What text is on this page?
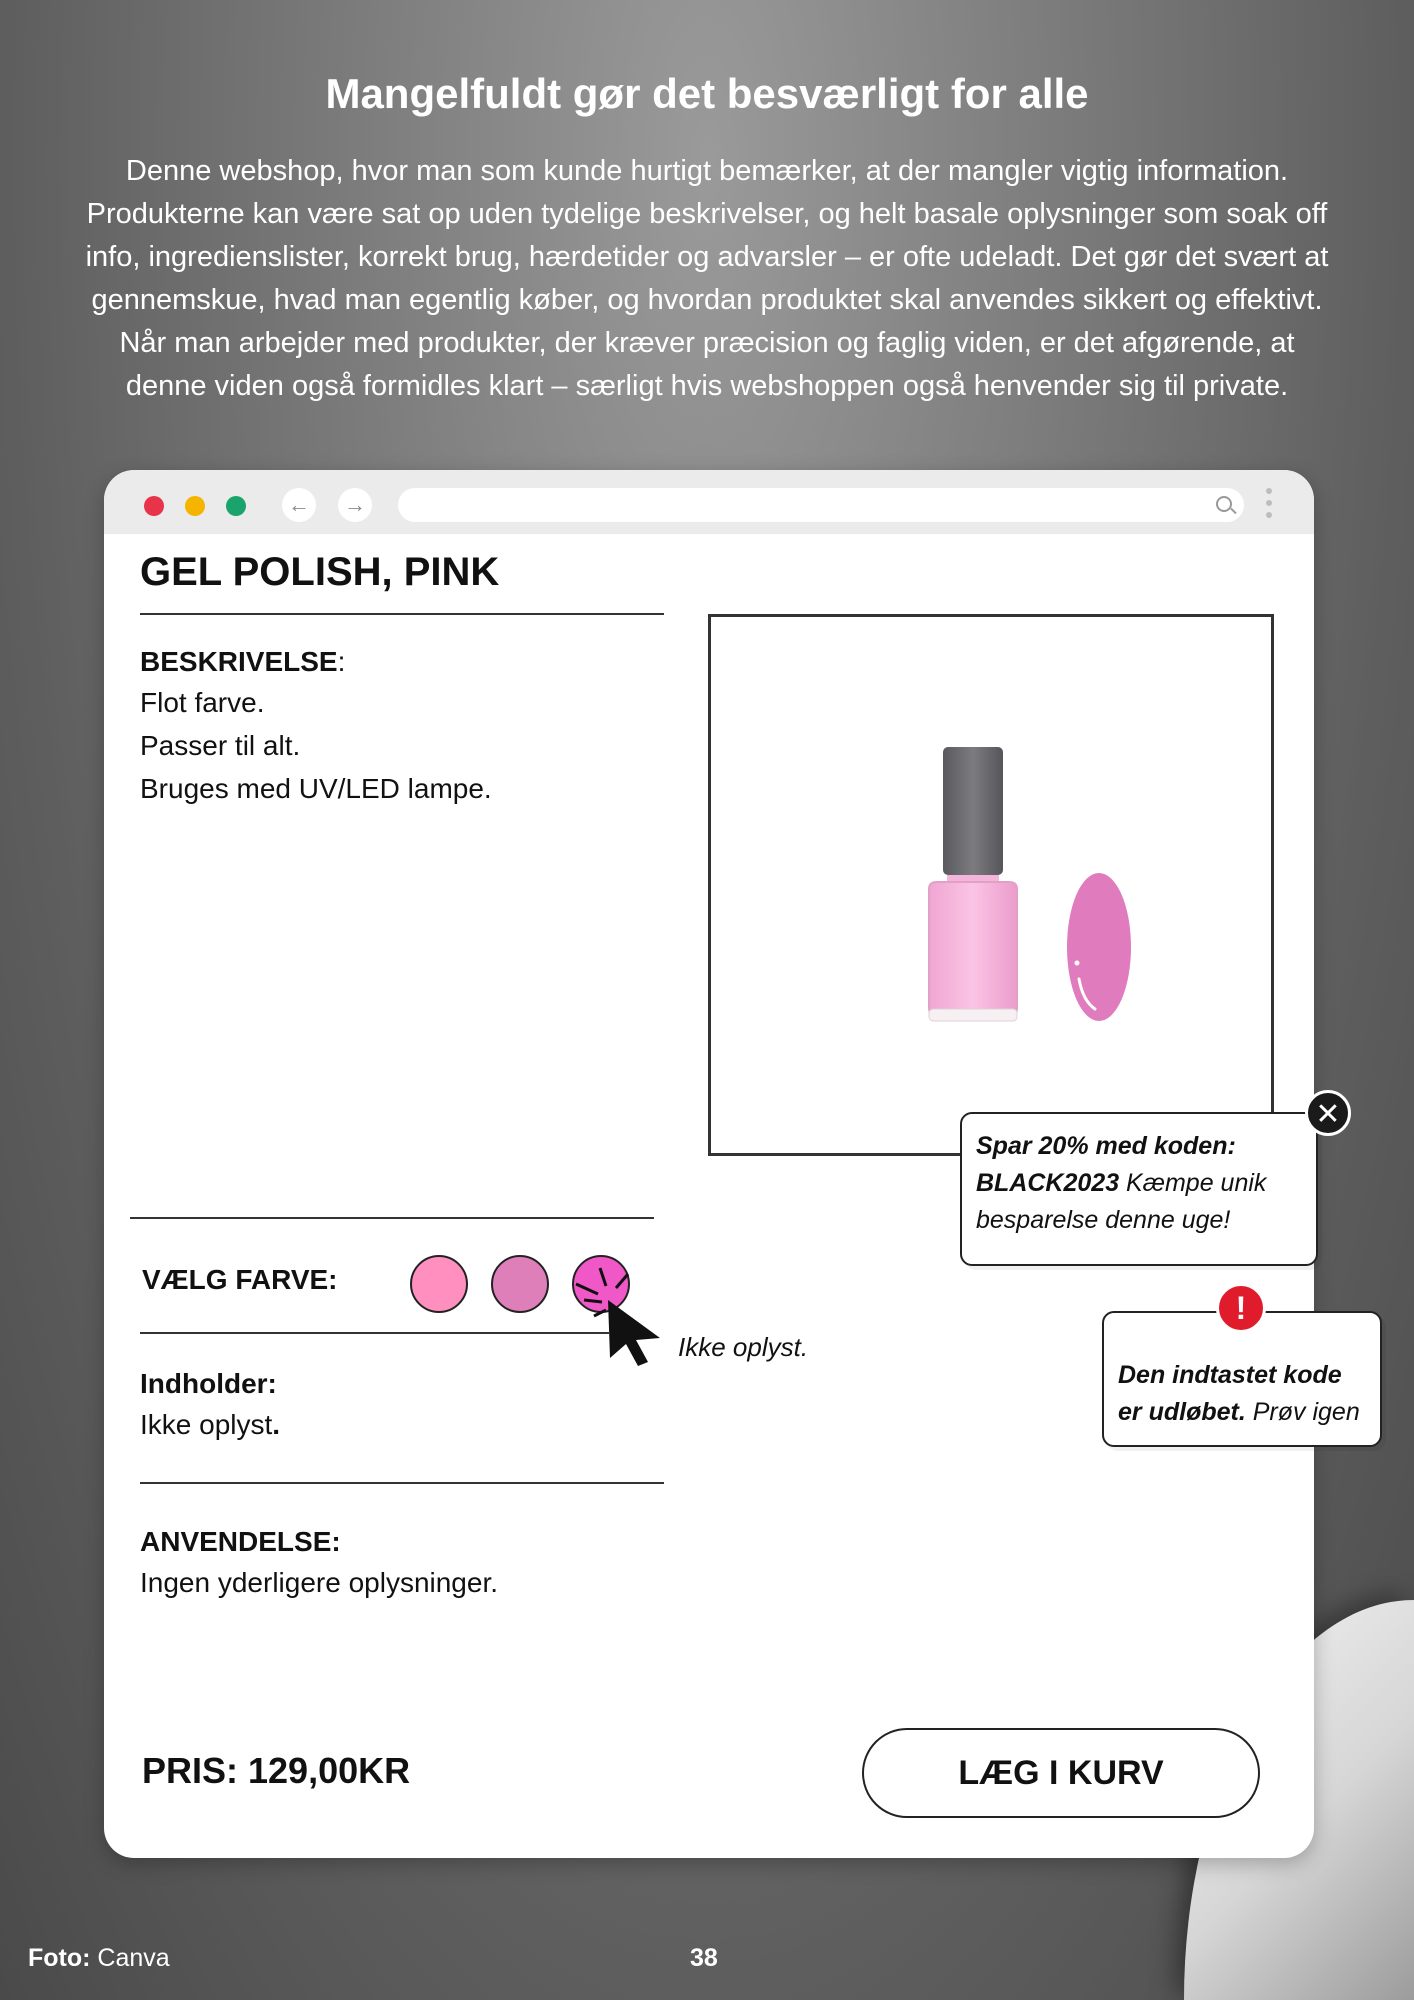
Mangelfuldt gør det besværligt for alle

Denne webshop, hvor man som kunde hurtigt bemærker, at der mangler vigtig information. Produkterne kan være sat op uden tydelige beskrivelser, og helt basale oplysninger som soak off info, ingredienslister, korrekt brug, hærdetider og advarsler – er ofte udeladt. Det gør det svært at gennemskue, hvad man egentlig køber, og hvordan produktet skal anvendes sikkert og effektivt. Når man arbejder med produkter, der kræver præcision og faglig viden, er det afgørende, at denne viden også formidles klart – særligt hvis webshoppen også henvender sig til private.

← →
GEL POLISH, PINK

BESKRIVELSE:

Flot farve.

Passer til alt.

Bruges med UV/LED lampe.

VÆLG FARVE:

Ikke oplyst.

Indholder:

Ikke oplyst.

ANVENDELSE:

Ingen yderligere oplysninger.

PRIS: 129,00KR	LÆG I KURV
Spar 20% med koden:
BLACK2023 Kæmpe unik besparelse denne uge!
✕
Den indtastet kode er udløbet. Prøv igen
!

Foto: Canva	38
